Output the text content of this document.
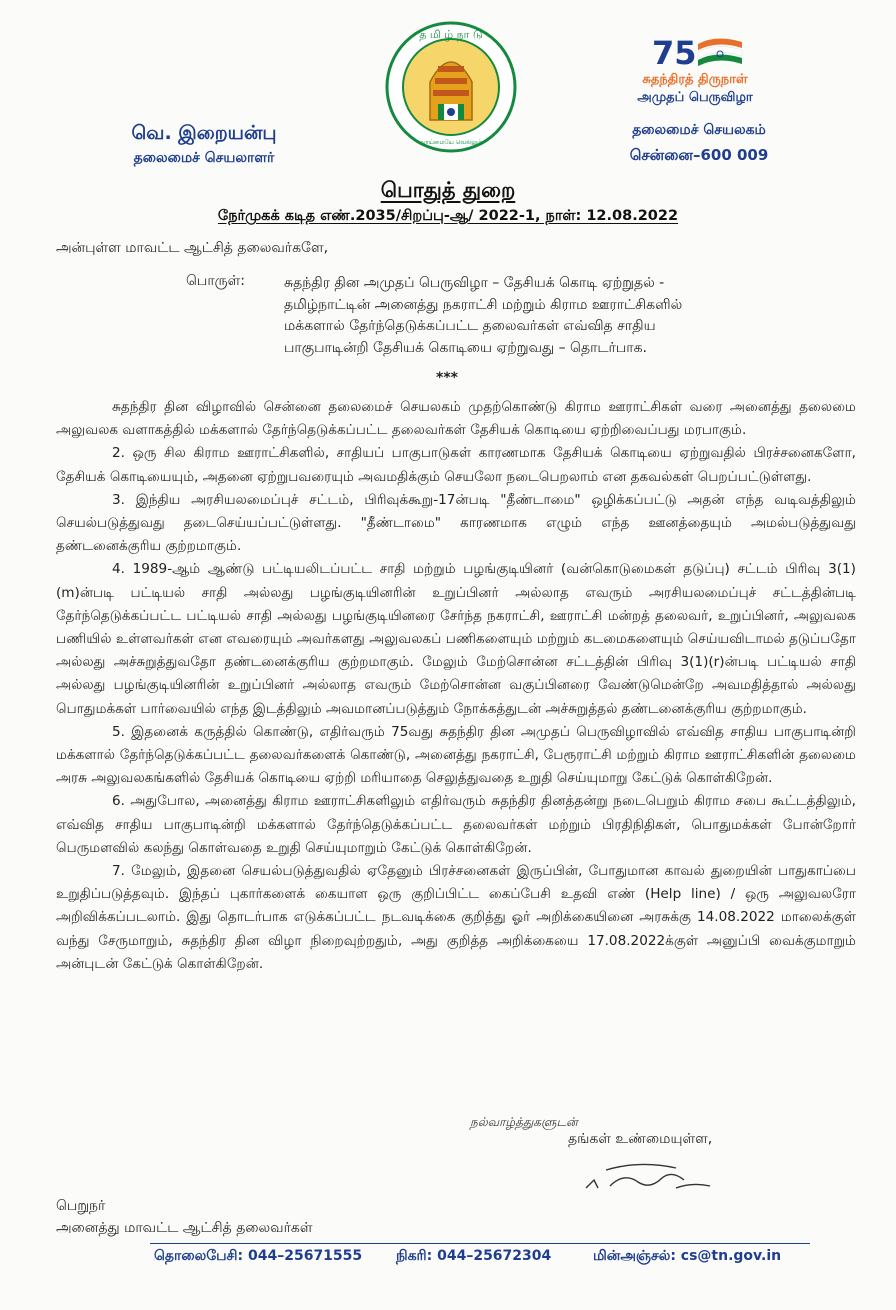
த மி ழ் நா டு
வாய்மையே வெல்லும்
வெ. இறையன்பு
தலைமைச் செயலாளர்
75
சுதந்திரத் திருநாள்
அமுதப் பெருவிழா
தலைமைச் செயலகம்
சென்னை–600 009
பொதுத் துறை
நேர்முகக் கடித எண்.2035/சிறப்பு-ஆ/ 2022-1, நாள்: 12.08.2022
அன்புள்ள மாவட்ட ஆட்சித் தலைவர்களே,
பொருள்:	சுதந்திர தின அமுதப் பெருவிழா – தேசியக் கொடி ஏற்றுதல் - தமிழ்நாட்டின் அனைத்து நகராட்சி மற்றும் கிராம ஊராட்சிகளில் மக்களால் தேர்ந்தெடுக்கப்பட்ட தலைவர்கள் எவ்வித சாதிய பாகுபாடின்றி தேசியக் கொடியை ஏற்றுவது – தொடர்பாக.
***

சுதந்திர தின விழாவில் சென்னை தலைமைச் செயலகம் முதற்கொண்டு கிராம ஊராட்சிகள் வரை அனைத்து தலைமை அலுவலக வளாகத்தில் மக்களால் தேர்ந்தெடுக்கப்பட்ட தலைவர்கள் தேசியக் கொடியை ஏற்றிவைப்பது மரபாகும்.

2. ஒரு சில கிராம ஊராட்சிகளில், சாதியப் பாகுபாடுகள் காரணமாக தேசியக் கொடியை ஏற்றுவதில் பிரச்சனைகளோ, தேசியக் கொடியையும், அதனை ஏற்றுபவரையும் அவமதிக்கும் செயலோ நடைபெறலாம் என தகவல்கள் பெறப்பட்டுள்ளது.

3. இந்திய அரசியலமைப்புச் சட்டம், பிரிவுக்கூறு-17ன்படி "தீண்டாமை" ஒழிக்கப்பட்டு அதன் எந்த வடிவத்திலும் செயல்படுத்துவது தடைசெய்யப்பட்டுள்ளது. "தீண்டாமை" காரணமாக எழும் எந்த ஊனத்தையும் அமல்படுத்துவது தண்டனைக்குரிய குற்றமாகும்.

4. 1989-ஆம் ஆண்டு பட்டியலிடப்பட்ட சாதி மற்றும் பழங்குடியினர் (வன்கொடுமைகள் தடுப்பு) சட்டம் பிரிவு 3(1)(m)ன்படி பட்டியல் சாதி அல்லது பழங்குடியினரின் உறுப்பினர் அல்லாத எவரும் அரசியலமைப்புச் சட்டத்தின்படி தேர்ந்தெடுக்கப்பட்ட பட்டியல் சாதி அல்லது பழங்குடியினரை சேர்ந்த நகராட்சி, ஊராட்சி மன்றத் தலைவர், உறுப்பினர், அலுவலக பணியில் உள்ளவர்கள் என எவரையும் அவர்களது அலுவலகப் பணிகளையும் மற்றும் கடமைகளையும் செய்யவிடாமல் தடுப்பதோ அல்லது அச்சுறுத்துவதோ தண்டனைக்குரிய குற்றமாகும். மேலும் மேற்சொன்ன சட்டத்தின் பிரிவு 3(1)(r)ன்படி பட்டியல் சாதி அல்லது பழங்குடியினரின் உறுப்பினர் அல்லாத எவரும் மேற்சொன்ன வகுப்பினரை வேண்டுமென்றே அவமதித்தால் அல்லது பொதுமக்கள் பார்வையில் எந்த இடத்திலும் அவமானப்படுத்தும் நோக்கத்துடன் அச்சுறுத்தல் தண்டனைக்குரிய குற்றமாகும்.

5. இதனைக் கருத்தில் கொண்டு, எதிர்வரும் 75வது சுதந்திர தின அமுதப் பெருவிழாவில் எவ்வித சாதிய பாகுபாடின்றி மக்களால் தேர்ந்தெடுக்கப்பட்ட தலைவர்களைக் கொண்டு, அனைத்து நகராட்சி, பேரூராட்சி மற்றும் கிராம ஊராட்சிகளின் தலைமை அரசு அலுவலகங்களில் தேசியக் கொடியை ஏற்றி மரியாதை செலுத்துவதை உறுதி செய்யுமாறு கேட்டுக் கொள்கிறேன்.

6. அதுபோல, அனைத்து கிராம ஊராட்சிகளிலும் எதிர்வரும் சுதந்திர தினத்தன்று நடைபெறும் கிராம சபை கூட்டத்திலும், எவ்வித சாதிய பாகுபாடின்றி மக்களால் தேர்ந்தெடுக்கப்பட்ட தலைவர்கள் மற்றும் பிரதிநிதிகள், பொதுமக்கள் போன்றோர் பெருமளவில் கலந்து கொள்வதை உறுதி செய்யுமாறும் கேட்டுக் கொள்கிறேன்.

7. மேலும், இதனை செயல்படுத்துவதில் ஏதேனும் பிரச்சனைகள் இருப்பின், போதுமான காவல் துறையின் பாதுகாப்பை உறுதிப்படுத்தவும். இந்தப் புகார்களைக் கையாள ஒரு குறிப்பிட்ட கைப்பேசி உதவி எண் (Help line) / ஒரு அலுவலரோ அறிவிக்கப்படலாம். இது தொடர்பாக எடுக்கப்பட்ட நடவடிக்கை குறித்து ஓர் அறிக்கையினை அரசுக்கு 14.08.2022 மாலைக்குள் வந்து சேருமாறும், சுதந்திர தின விழா நிறைவுற்றதும், அது குறித்த அறிக்கையை 17.08.2022க்குள் அனுப்பி வைக்குமாறும் அன்புடன் கேட்டுக் கொள்கிறேன்.

நல்வாழ்த்துகளுடன்
தங்கள் உண்மையுள்ள,
பெறுநர்
அனைத்து மாவட்ட ஆட்சித் தலைவர்கள்
தொலைபேசி: 044–25671555 நிகரி: 044–25672304	மின்அஞ்சல்: cs@tn.gov.in
